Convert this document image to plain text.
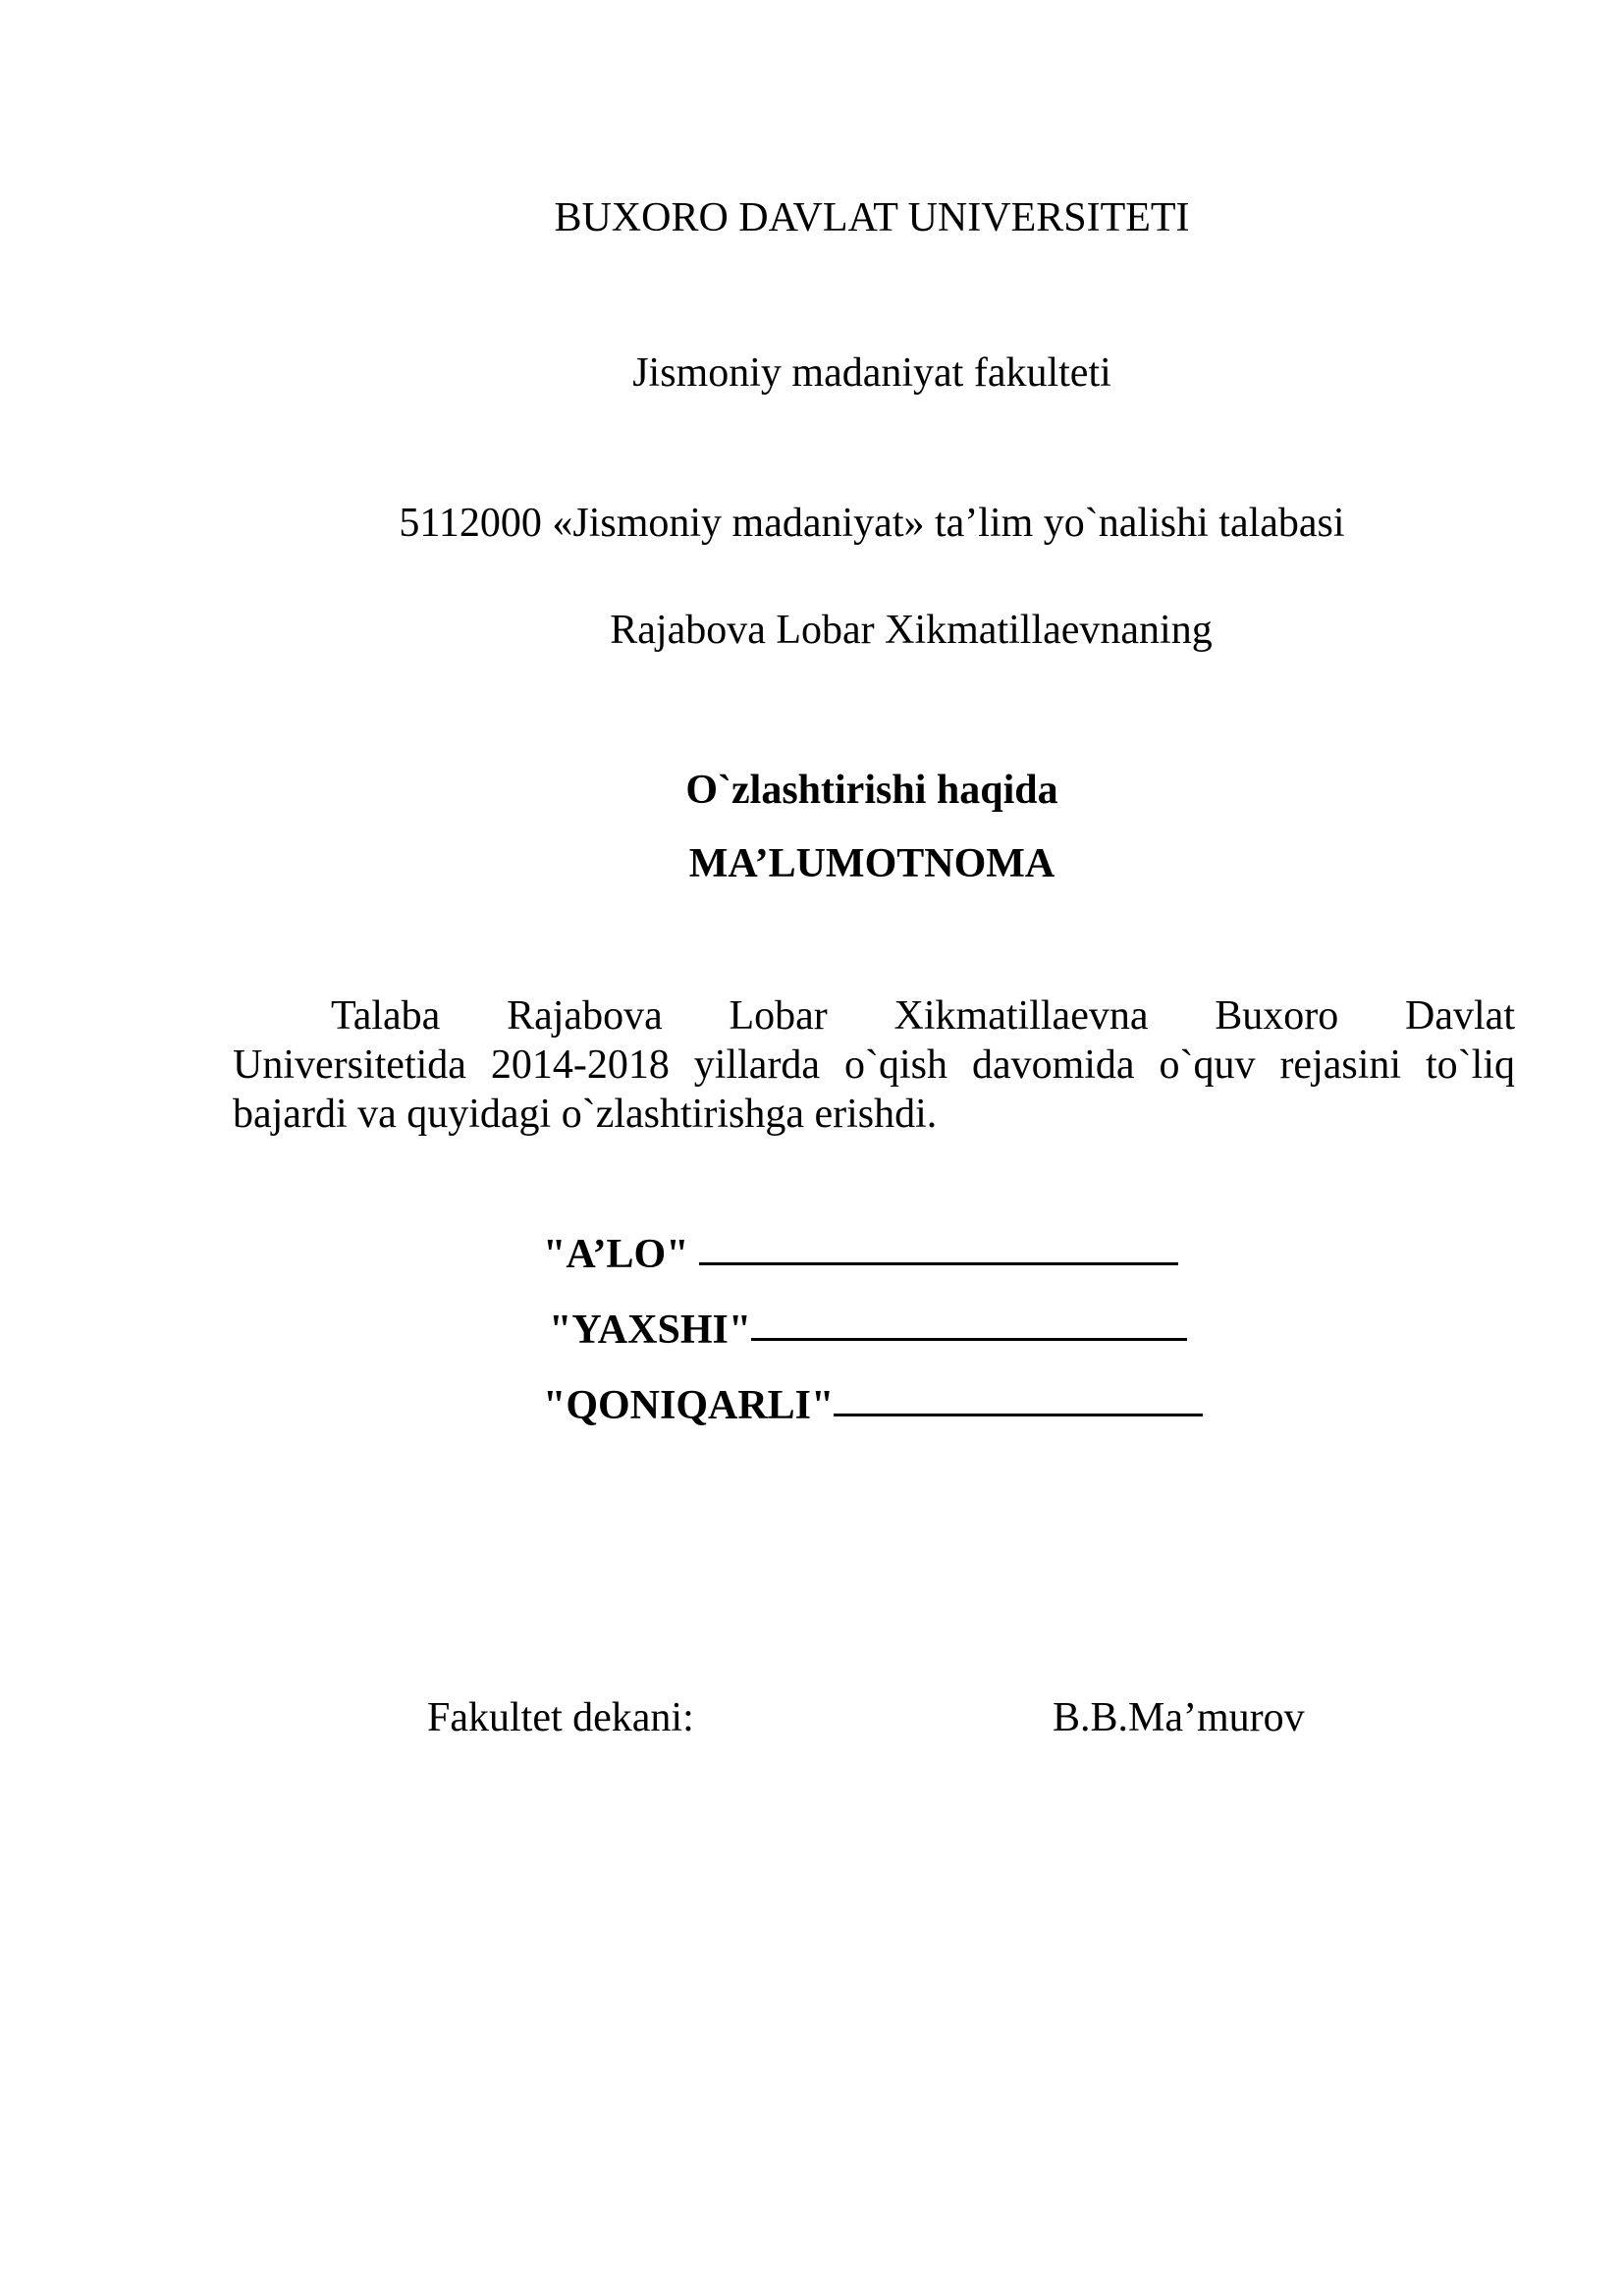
BUXORO DAVLAT UNIVERSITETI
Jismoniy madaniyat fakulteti
5112000 «Jismoniy madaniyat» ta’lim yo`nalishi talabasi
Rajabova Lobar Xikmatillaevnaning
O`zlashtirishi haqida
MA’LUMOTNOMA
Talaba Rajabova Lobar Xikmatillaevna Buxoro Davlat
Universitetida 2014-2018 yillarda o`qish davomida o`quv rejasini to`liq
bajardi va quyidagi o`zlashtirishga erishdi.
"A’LO"
"YAXSHI"
"QONIQARLI"
Fakultet dekani:	B.B.Ma’murov
